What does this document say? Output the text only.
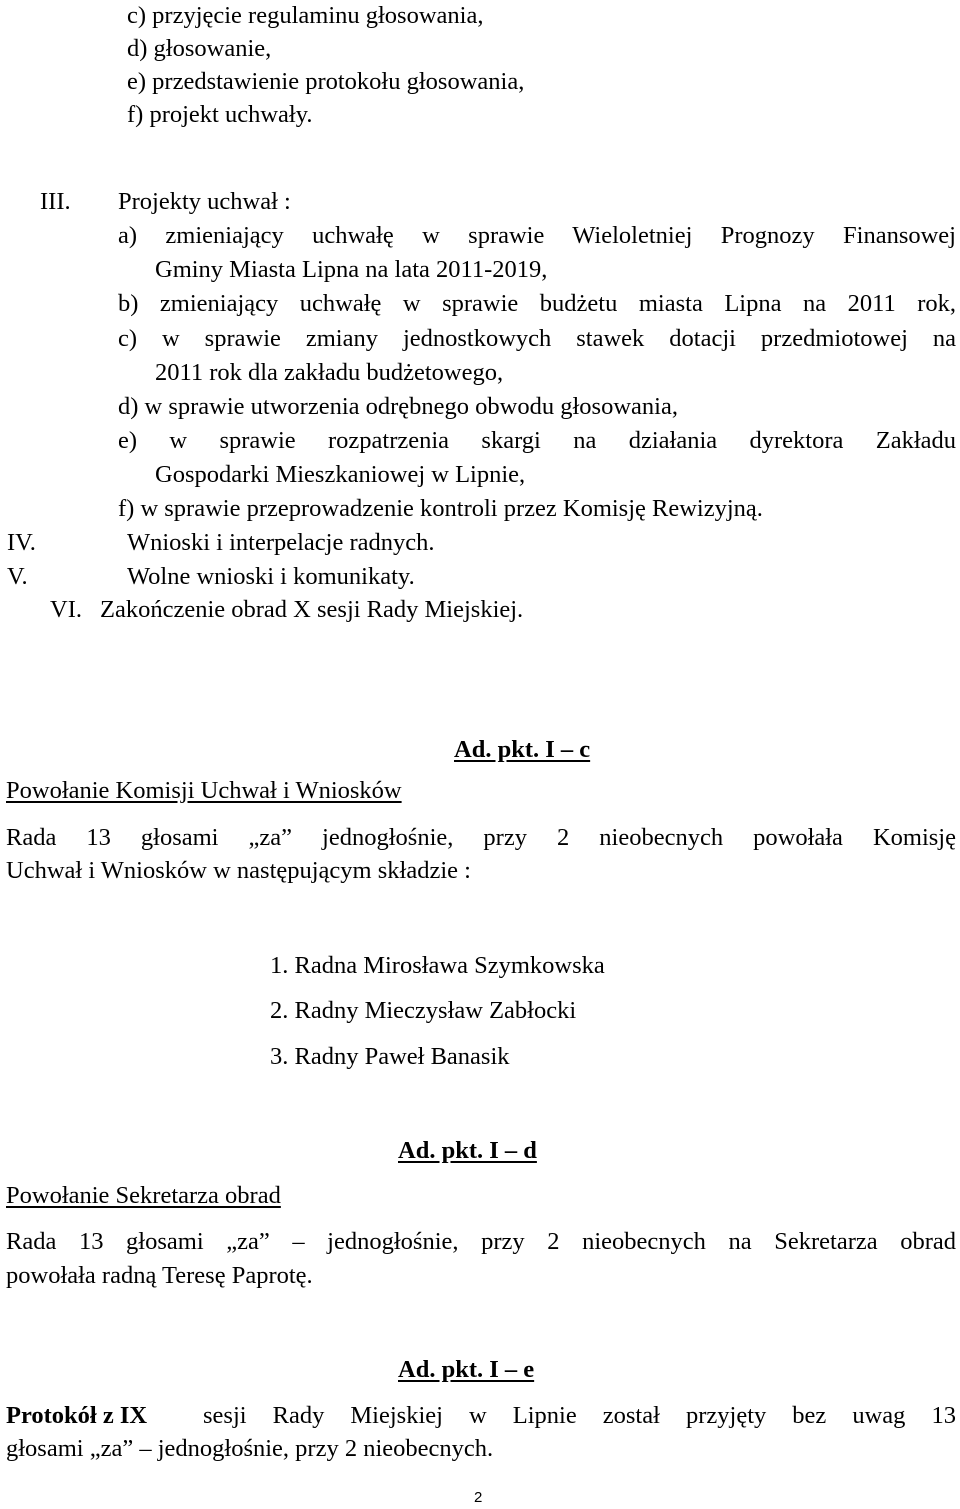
c) przyjęcie regulaminu głosowania,
d) głosowanie,
e) przedstawienie protokołu głosowania,
f) projekt uchwały.
III. Projekty uchwał :
a) zmieniający uchwałę w sprawie Wieloletniej Prognozy Finansowej
Gminy Miasta Lipna na lata 2011-2019,
b) zmieniający uchwałę w sprawie budżetu miasta Lipna na 2011 rok,
c) w sprawie zmiany jednostkowych stawek dotacji przedmiotowej na
2011 rok dla zakładu budżetowego,
d) w sprawie utworzenia odrębnego obwodu głosowania,
e) w sprawie rozpatrzenia skargi na działania dyrektora Zakładu
Gospodarki Mieszkaniowej w Lipnie,
f) w sprawie przeprowadzenie kontroli przez Komisję Rewizyjną.
IV.	Wnioski i interpelacje radnych.
V.	Wolne wnioski i komunikaty.
VI. Zakończenie obrad X sesji Rady Miejskiej.
Ad. pkt. I – c
Powołanie Komisji Uchwał i Wniosków
Rada 13 głosami „za” jednogłośnie, przy 2 nieobecnych powołała Komisję
Uchwał i Wniosków w następującym składzie :
1. Radna Mirosława Szymkowska
2. Radny Mieczysław Zabłocki
3. Radny Paweł Banasik
Ad. pkt. I – d
Powołanie Sekretarza obrad
Rada 13 głosami „za” – jednogłośnie, przy 2 nieobecnych na Sekretarza obrad
powołała radną Teresę Paprotę.
Ad. pkt. I – e
Protokół z IX sesji Rady Miejskiej w Lipnie został przyjęty bez uwag 13
głosami „za” – jednogłośnie, przy 2 nieobecnych.
2
